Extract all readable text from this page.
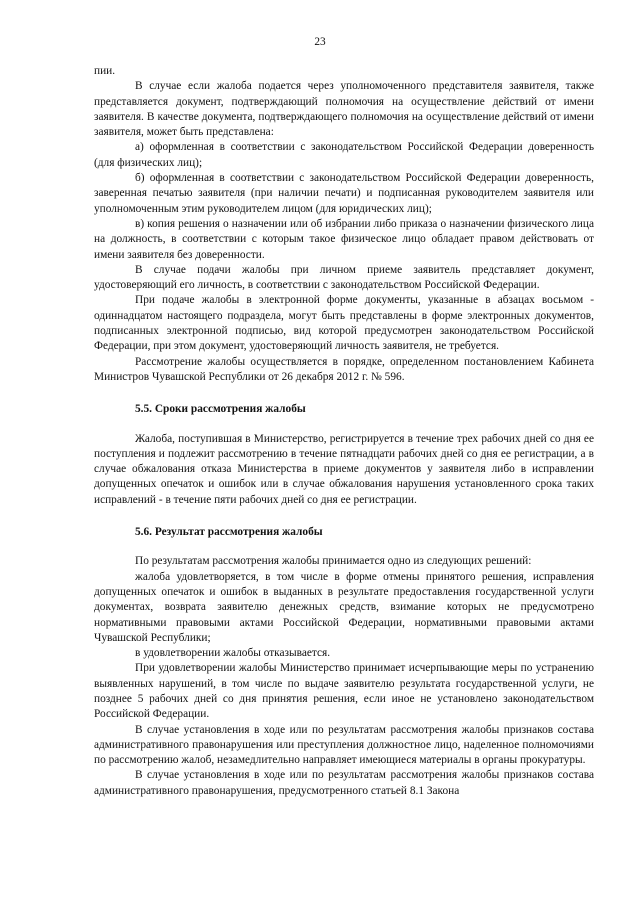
23

пии.

В случае если жалоба подается через уполномоченного представителя заявителя, также представляется документ, подтверждающий полномочия на осуществление действий от имени заявителя. В качестве документа, подтверждающего полномочия на осуществление действий от имени заявителя, может быть представлена:

а) оформленная в соответствии с законодательством Российской Федерации доверенность (для физических лиц);

б) оформленная в соответствии с законодательством Российской Федерации доверенность, заверенная печатью заявителя (при наличии печати) и подписанная руководителем заявителя или уполномоченным этим руководителем лицом (для юридических лиц);

в) копия решения о назначении или об избрании либо приказа о назначении физического лица на должность, в соответствии с которым такое физическое лицо обладает правом действовать от имени заявителя без доверенности.

В случае подачи жалобы при личном приеме заявитель представляет документ, удостоверяющий его личность, в соответствии с законодательством Российской Федерации.

При подаче жалобы в электронной форме документы, указанные в абзацах восьмом - одиннадцатом настоящего подраздела, могут быть представлены в форме электронных документов, подписанных электронной подписью, вид которой предусмотрен законодательством Российской Федерации, при этом документ, удостоверяющий личность заявителя, не требуется.

Рассмотрение жалобы осуществляется в порядке, определенном постановлением Кабинета Министров Чувашской Республики от 26 декабря 2012 г. № 596.

5.5. Сроки рассмотрения жалобы

Жалоба, поступившая в Министерство, регистрируется в течение трех рабочих дней со дня ее поступления и подлежит рассмотрению в течение пятнадцати рабочих дней со дня ее регистрации, а в случае обжалования отказа Министерства в приеме документов у заявителя либо в исправлении допущенных опечаток и ошибок или в случае обжалования нарушения установленного срока таких исправлений - в течение пяти рабочих дней со дня ее регистрации.

5.6. Результат рассмотрения жалобы

По результатам рассмотрения жалобы принимается одно из следующих решений:

жалоба удовлетворяется, в том числе в форме отмены принятого решения, исправления допущенных опечаток и ошибок в выданных в результате предоставления государственной услуги документах, возврата заявителю денежных средств, взимание которых не предусмотрено нормативными правовыми актами Российской Федерации, нормативными правовыми актами Чувашской Республики;

в удовлетворении жалобы отказывается.

При удовлетворении жалобы Министерство принимает исчерпывающие меры по устранению выявленных нарушений, в том числе по выдаче заявителю результата государственной услуги, не позднее 5 рабочих дней со дня принятия решения, если иное не установлено законодательством Российской Федерации.

В случае установления в ходе или по результатам рассмотрения жалобы признаков состава административного правонарушения или преступления должностное лицо, наделенное полномочиями по рассмотрению жалоб, незамедлительно направляет имеющиеся материалы в органы прокуратуры.

В случае установления в ходе или по результатам рассмотрения жалобы признаков состава административного правонарушения, предусмотренного статьей 8.1 Закона
